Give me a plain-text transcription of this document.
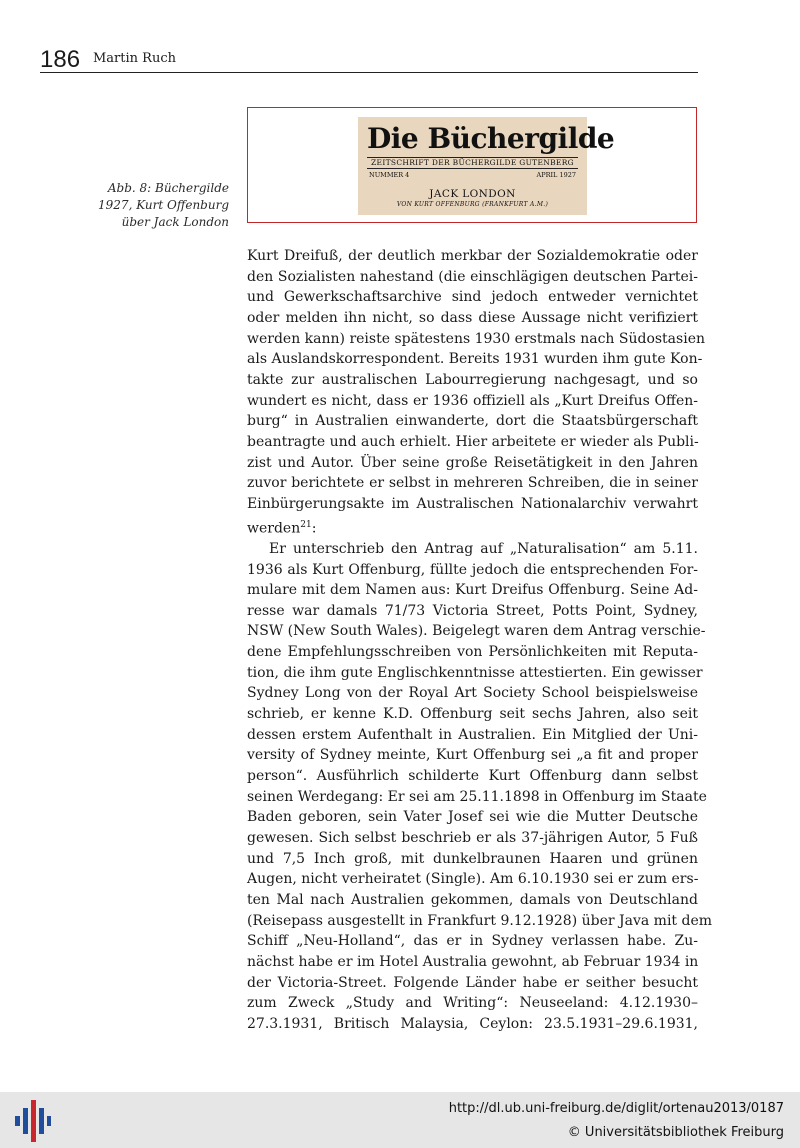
186 Martin Ruch
Abb. 8: Büchergilde
1927, Kurt Offenburg
über Jack London
Die Büchergilde
ZEITSCHRIFT DER BÜCHERGILDE GUTENBERG
NUMMER 4	APRIL 1927
JACK LONDON
VON KURT OFFENBURG (FRANKFURT A.M.)
Kurt Dreifuß, der deutlich merkbar der Sozialdemokratie oder
den Sozialisten nahestand (die einschlägigen deutschen Partei-
und Gewerkschaftsarchive sind jedoch entweder vernichtet
oder melden ihn nicht, so dass diese Aussage nicht verifiziert
werden kann) reiste spätestens 1930 erstmals nach Südostasien
als Auslandskorrespondent. Bereits 1931 wurden ihm gute Kon-
takte zur australischen Labourregierung nachgesagt, und so
wundert es nicht, dass er 1936 offiziell als „Kurt Dreifus Offen-
burg“ in Australien einwanderte, dort die Staatsbürgerschaft
beantragte und auch erhielt. Hier arbeitete er wieder als Publi-
zist und Autor. Über seine große Reisetätigkeit in den Jahren
zuvor berichtete er selbst in mehreren Schreiben, die in seiner
Einbürgerungsakte im Australischen Nationalarchiv verwahrt
werden$^{21}$:
Er unterschrieb den Antrag auf „Naturalisation“ am 5.11.
1936 als Kurt Offenburg, füllte jedoch die entsprechenden For-
mulare mit dem Namen aus: Kurt Dreifus Offenburg. Seine Ad-
resse war damals 71/73 Victoria Street, Potts Point, Sydney,
NSW (New South Wales). Beigelegt waren dem Antrag verschie-
dene Empfehlungsschreiben von Persönlichkeiten mit Reputa-
tion, die ihm gute Englischkenntnisse attestierten. Ein gewisser
Sydney Long von der Royal Art Society School beispielsweise
schrieb, er kenne K.D. Offenburg seit sechs Jahren, also seit
dessen erstem Aufenthalt in Australien. Ein Mitglied der Uni-
versity of Sydney meinte, Kurt Offenburg sei „a fit and proper
person“. Ausführlich schilderte Kurt Offenburg dann selbst
seinen Werdegang: Er sei am 25.11.1898 in Offenburg im Staate
Baden geboren, sein Vater Josef sei wie die Mutter Deutsche
gewesen. Sich selbst beschrieb er als 37-jährigen Autor, 5 Fuß
und 7,5 Inch groß, mit dunkelbraunen Haaren und grünen
Augen, nicht verheiratet (Single). Am 6.10.1930 sei er zum ers-
ten Mal nach Australien gekommen, damals von Deutschland
(Reisepass ausgestellt in Frankfurt 9.12.1928) über Java mit dem
Schiff „Neu-Holland“, das er in Sydney verlassen habe. Zu-
nächst habe er im Hotel Australia gewohnt, ab Februar 1934 in
der Victoria-Street. Folgende Länder habe er seither besucht
zum Zweck „Study and Writing“: Neuseeland: 4.12.1930–
27.3.1931, Britisch Malaysia, Ceylon: 23.5.1931–29.6.1931,
http://dl.ub.uni-freiburg.de/diglit/ortenau2013/0187
© Universitätsbibliothek Freiburg
